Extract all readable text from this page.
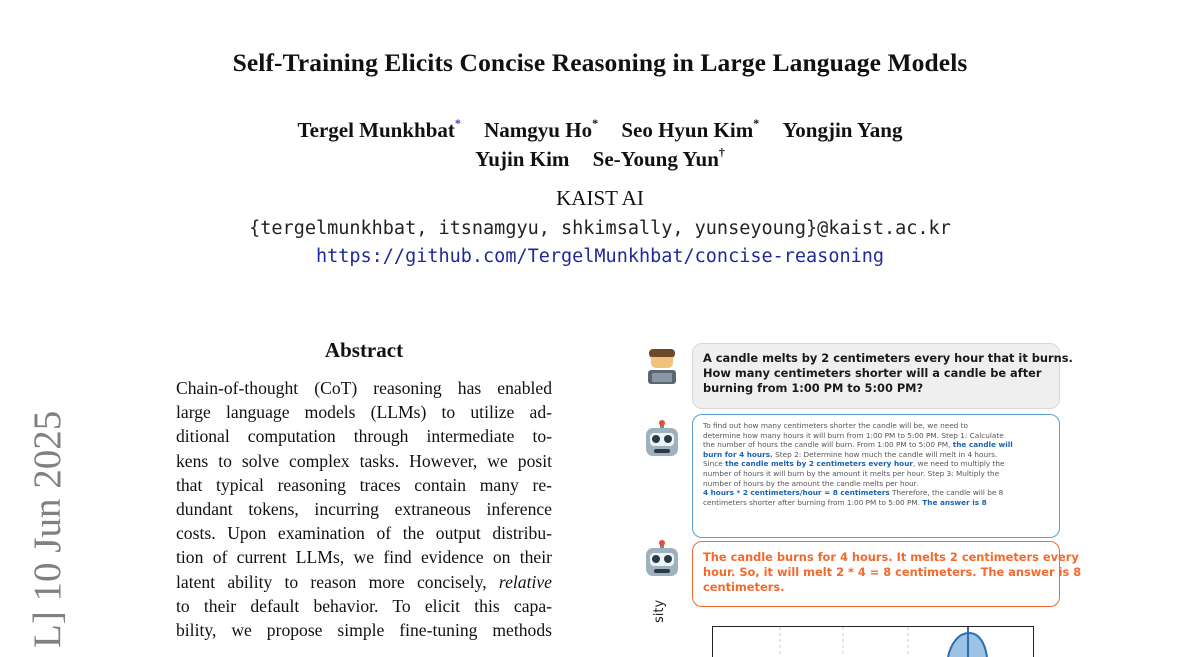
Self-Training Elicits Concise Reasoning in Large Language Models
Tergel Munkhbat* Namgyu Ho* Seo Hyun Kim* Yongjin Yang
Yujin Kim Se-Young Yun†
KAIST AI
{tergelmunkhbat, itsnamgyu, shkimsally, yunseyoung}@kaist.ac.kr
https://github.com/TergelMunkhbat/concise-reasoning
L] 10 Jun 2025
Abstract
Chain-of-thought (CoT) reasoning has enabled
large language models (LLMs) to utilize ad-
ditional computation through intermediate to-
kens to solve complex tasks. However, we posit
that typical reasoning traces contain many re-
dundant tokens, incurring extraneous inference
costs. Upon examination of the output distribu-
tion of current LLMs, we find evidence on their
latent ability to reason more concisely, relative
to their default behavior. To elicit this capa-
bility, we propose simple fine-tuning methods
A candle melts by 2 centimeters every hour that it burns.
How many centimeters shorter will a candle be after
burning from 1:00 PM to 5:00 PM?
To find out how many centimeters shorter the candle will be, we need to
determine how many hours it will burn from 1:00 PM to 5:00 PM. Step 1: Calculate
the number of hours the candle will burn. From 1:00 PM to 5:00 PM, the candle will
burn for 4 hours. Step 2: Determine how much the candle will melt in 4 hours.
Since the candle melts by 2 centimeters every hour, we need to multiply the
number of hours it will burn by the amount it melts per hour. Step 3: Multiply the
number of hours by the amount the candle melts per hour.
4 hours * 2 centimeters/hour = 8 centimeters Therefore, the candle will be 8
centimeters shorter after burning from 1:00 PM to 5:00 PM. The answer is 8
The candle burns for 4 hours. It melts 2 centimeters every
hour. So, it will melt 2 * 4 = 8 centimeters. The answer is 8
centimeters.
sity
